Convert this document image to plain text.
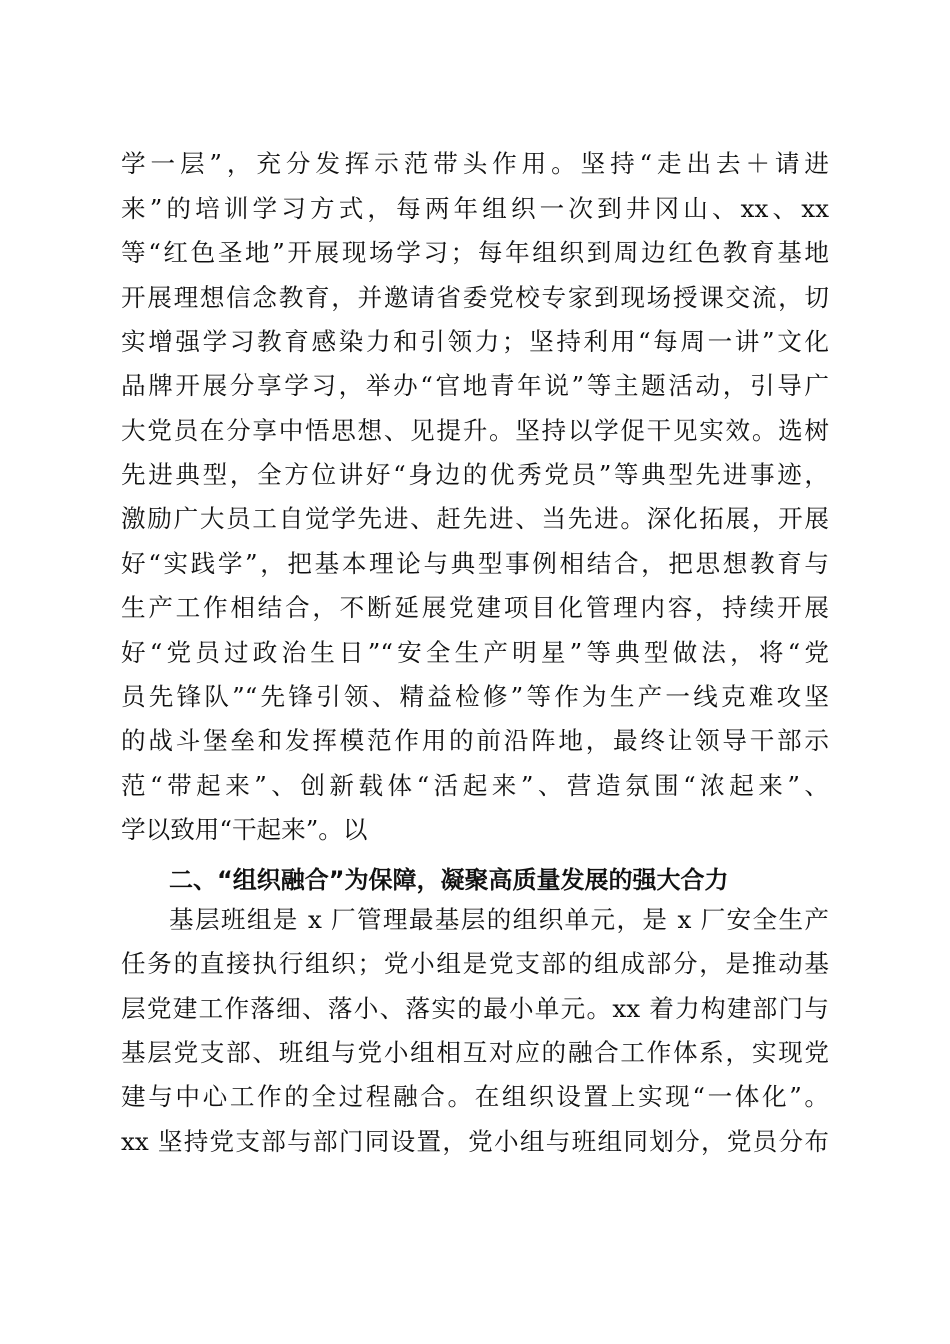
学一层”，充分发挥示范带头作用。坚持“走出去＋请进
来”的培训学习方式，每两年组织一次到井冈山、xx、xx
等“红色圣地”开展现场学习；每年组织到周边红色教育基地
开展理想信念教育，并邀请省委党校专家到现场授课交流，切
实增强学习教育感染力和引领力；坚持利用“每周一讲”文化
品牌开展分享学习，举办“官地青年说”等主题活动，引导广
大党员在分享中悟思想、见提升。坚持以学促干见实效。选树
先进典型，全方位讲好“身边的优秀党员”等典型先进事迹，
激励广大员工自觉学先进、赶先进、当先进。深化拓展，开展
好“实践学”，把基本理论与典型事例相结合，把思想教育与
生产工作相结合，不断延展党建项目化管理内容，持续开展
好“党员过政治生日”“安全生产明星”等典型做法，将“党
员先锋队”“先锋引领、精益检修”等作为生产一线克难攻坚
的战斗堡垒和发挥模范作用的前沿阵地，最终让领导干部示
范“带起来”、创新载体“活起来”、营造氛围“浓起来”、
学以致用“干起来”。以
二、“组织融合”为保障，凝聚高质量发展的强大合力
基层班组是 x 厂管理最基层的组织单元，是 x 厂安全生产
任务的直接执行组织；党小组是党支部的组成部分，是推动基
层党建工作落细、落小、落实的最小单元。xx 着力构建部门与
基层党支部、班组与党小组相互对应的融合工作体系，实现党
建与中心工作的全过程融合。在组织设置上实现“一体化”。
xx 坚持党支部与部门同设置，党小组与班组同划分，党员分布
